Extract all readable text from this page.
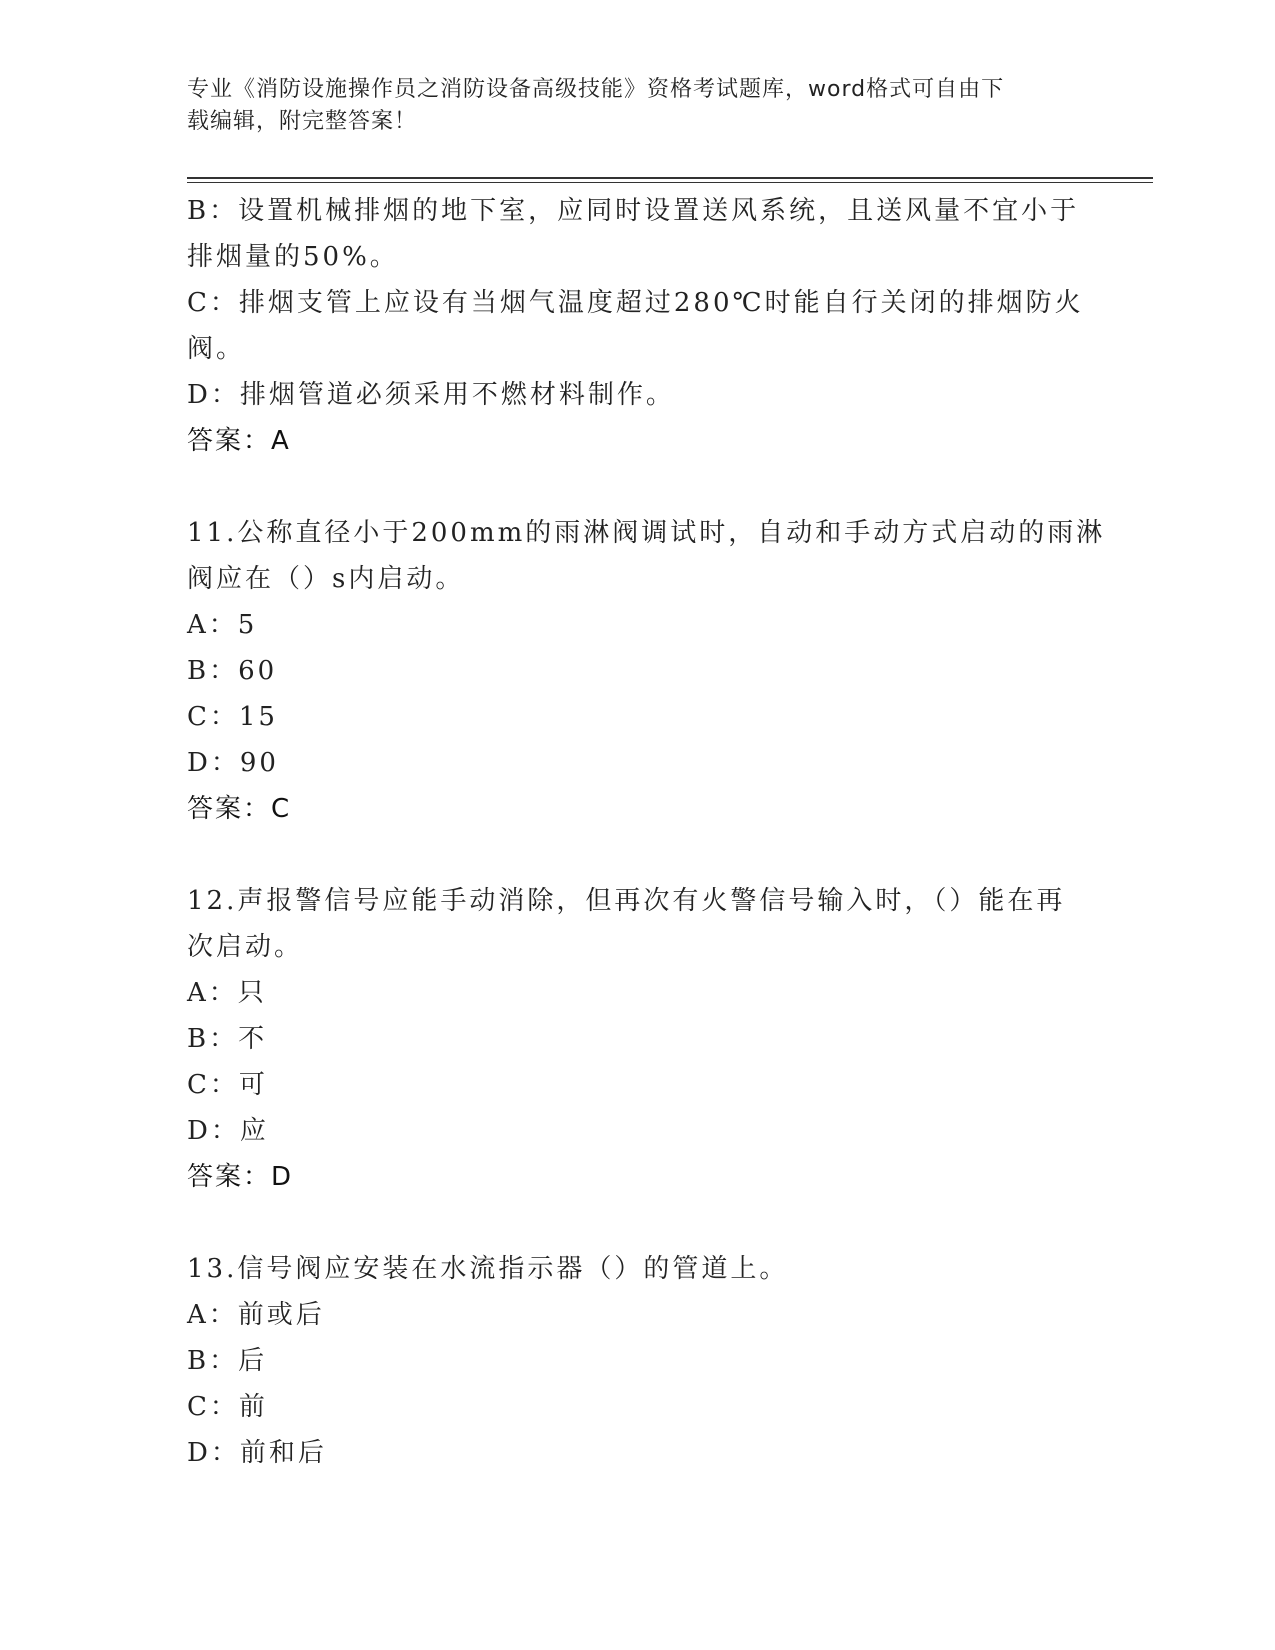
专业《消防设施操作员之消防设备高级技能》资格考试题库，word格式可自由下
载编辑，附完整答案！
B：设置机械排烟的地下室，应同时设置送风系统，且送风量不宜小于
排烟量的50%。
C：排烟支管上应设有当烟气温度超过280℃时能自行关闭的排烟防火
阀。
D：排烟管道必须采用不燃材料制作。
答案：A
11.公称直径小于200mm的雨淋阀调试时，自动和手动方式启动的雨淋
阀应在（）s内启动。
A：5
B：60
C：15
D：90
答案：C
12.声报警信号应能手动消除，但再次有火警信号输入时，（）能在再
次启动。
A：只
B：不
C：可
D：应
答案：D
13.信号阀应安装在水流指示器（）的管道上。
A：前或后
B：后
C：前
D：前和后
